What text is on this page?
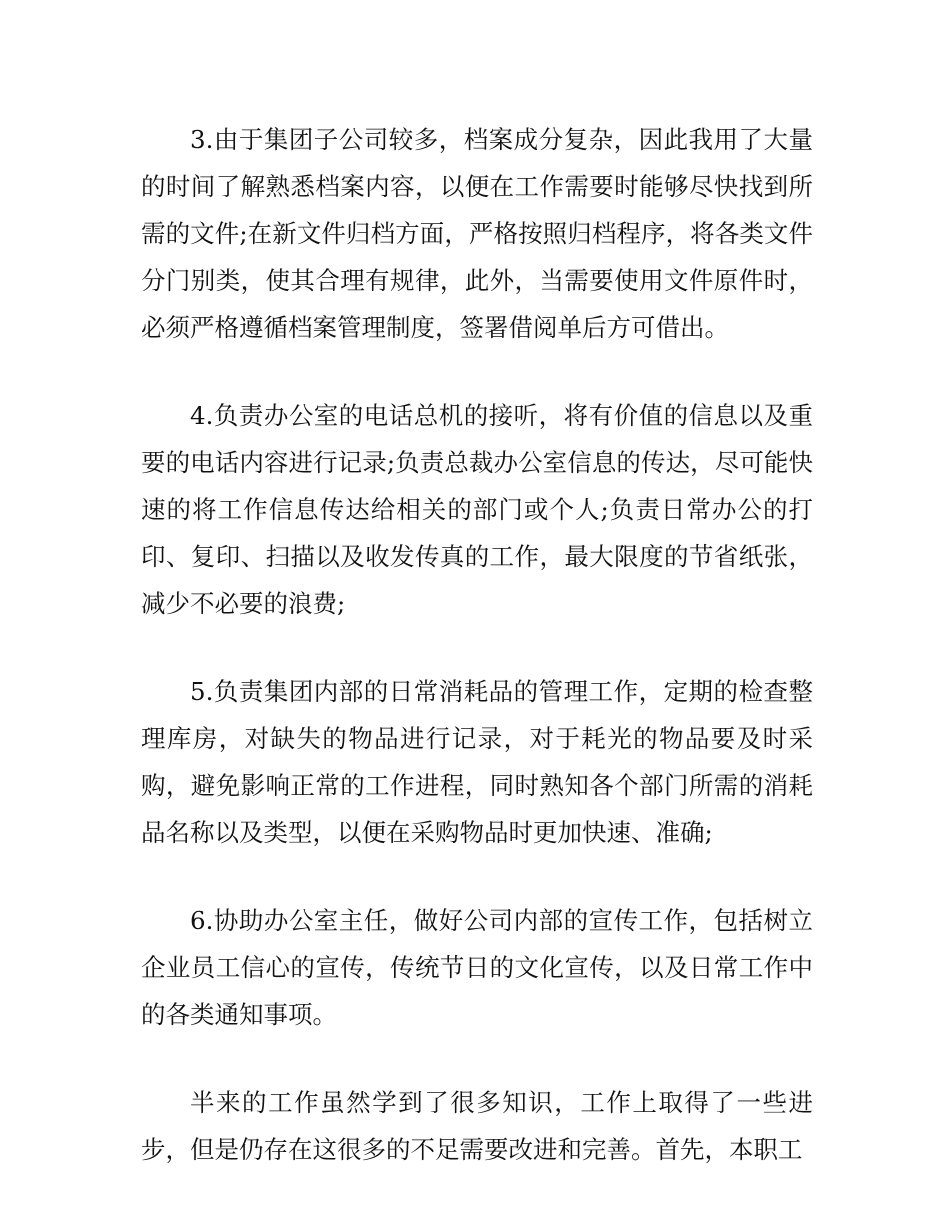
3.由于集团子公司较多，档案成分复杂，因此我用了大量的时间了解熟悉档案内容，以便在工作需要时能够尽快找到所需的文件;在新文件归档方面，严格按照归档程序，将各类文件分门别类，使其合理有规律，此外，当需要使用文件原件时，必须严格遵循档案管理制度，签署借阅单后方可借出。

4.负责办公室的电话总机的接听，将有价值的信息以及重要的电话内容进行记录;负责总裁办公室信息的传达，尽可能快速的将工作信息传达给相关的部门或个人;负责日常办公的打印、复印、扫描以及收发传真的工作，最大限度的节省纸张，减少不必要的浪费;

5.负责集团内部的日常消耗品的管理工作，定期的检查整理库房，对缺失的物品进行记录，对于耗光的物品要及时采购，避免影响正常的工作进程，同时熟知各个部门所需的消耗品名称以及类型，以便在采购物品时更加快速、准确;

6.协助办公室主任，做好公司内部的宣传工作，包括树立企业员工信心的宣传，传统节日的文化宣传，以及日常工作中的各类通知事项。

半来的工作虽然学到了很多知识，工作上取得了一些进步，但是仍存在这很多的不足需要改进和完善。首先，本职工
